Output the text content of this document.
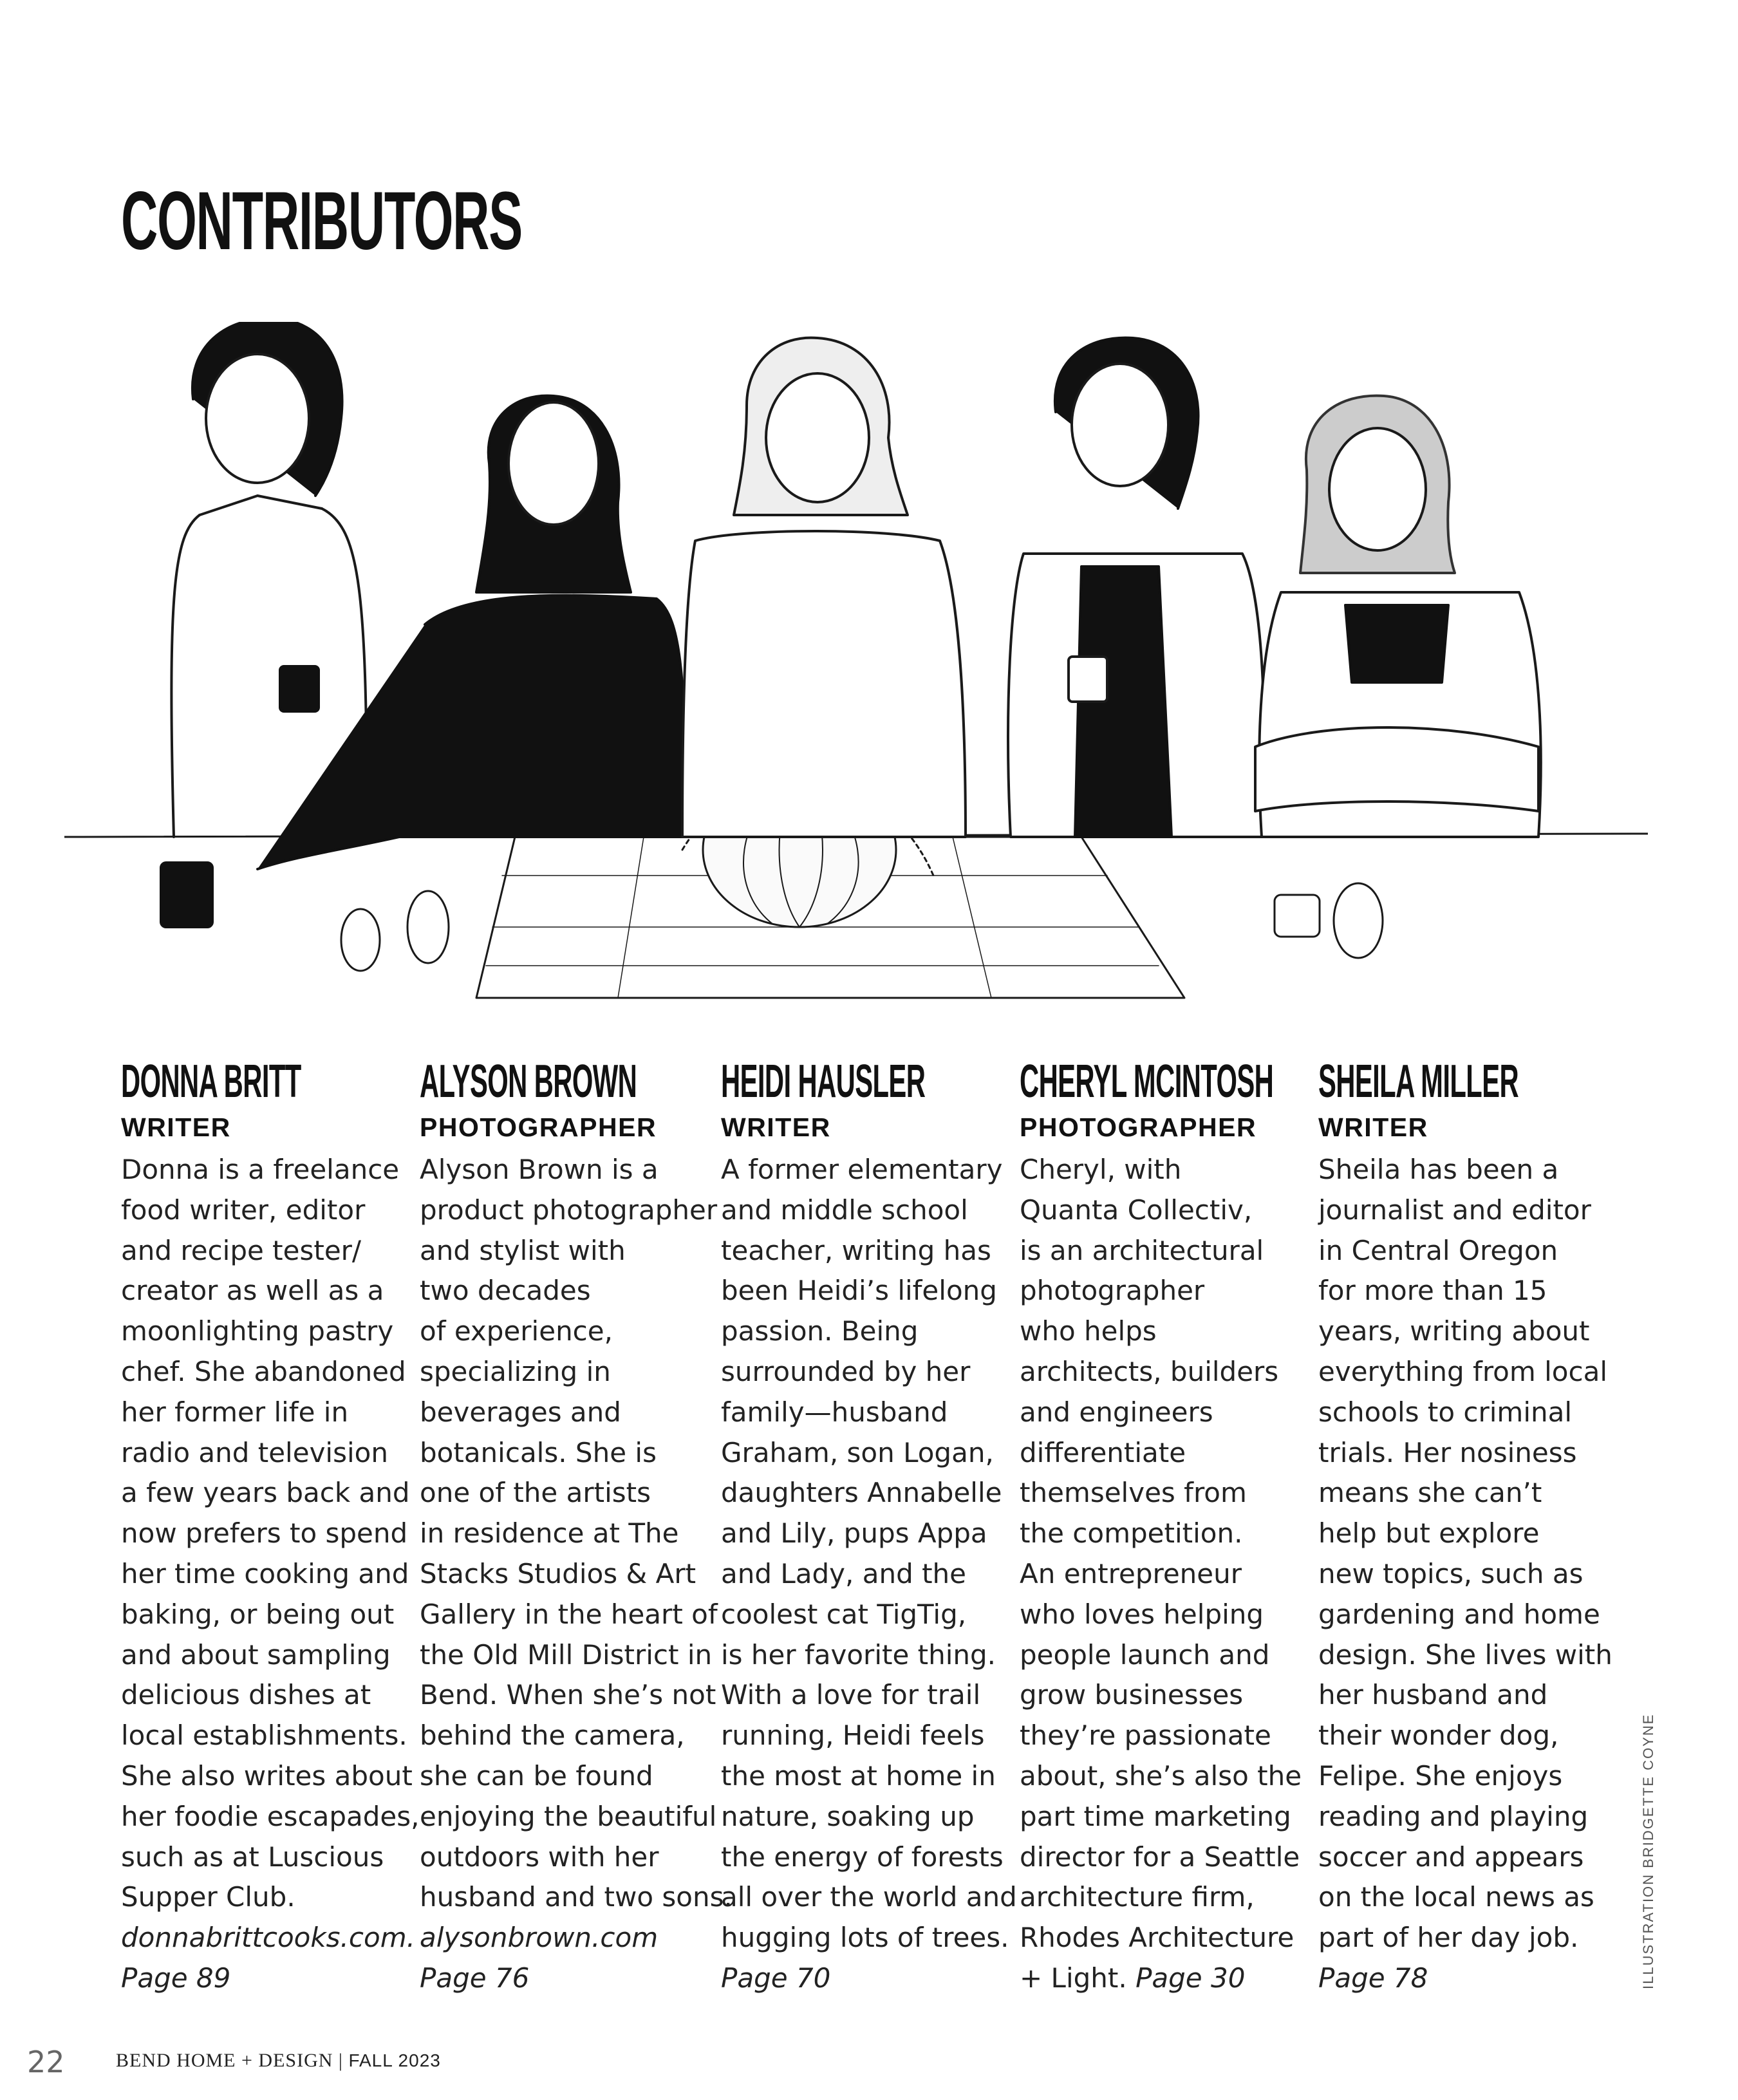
CONTRIBUTORS
DONNA BRITT
WRITER
Donna is a freelance
food writer, editor
and recipe tester/
creator as well as a
moonlighting pastry
chef. She abandoned
her former life in
radio and television
a few years back and
now prefers to spend
her time cooking and
baking, or being out
and about sampling
delicious dishes at
local establishments.
She also writes about
her foodie escapades,
such as at Luscious
Supper Club.
donnabrittcooks.com.
Page 89
ALYSON BROWN
PHOTOGRAPHER
Alyson Brown is a
product photographer
and stylist with
two decades
of experience,
specializing in
beverages and
botanicals. She is
one of the artists
in residence at The
Stacks Studios & Art
Gallery in the heart of
the Old Mill District in
Bend. When she’s not
behind the camera,
she can be found
enjoying the beautiful
outdoors with her
husband and two sons.
alysonbrown.com
Page 76
HEIDI HAUSLER
WRITER
A former elementary
and middle school
teacher, writing has
been Heidi’s lifelong
passion. Being
surrounded by her
family—husband
Graham, son Logan,
daughters Annabelle
and Lily, pups Appa
and Lady, and the
coolest cat TigTig,
is her favorite thing.
With a love for trail
running, Heidi feels
the most at home in
nature, soaking up
the energy of forests
all over the world and
hugging lots of trees.
Page 70
CHERYL MCINTOSH
PHOTOGRAPHER
Cheryl, with
Quanta Collectiv,
is an architectural
photographer
who helps
architects, builders
and engineers
differentiate
themselves from
the competition.
An entrepreneur
who loves helping
people launch and
grow businesses
they’re passionate
about, she’s also the
part time marketing
director for a Seattle
architecture firm,
Rhodes Architecture
+ Light. Page 30
SHEILA MILLER
WRITER
Sheila has been a
journalist and editor
in Central Oregon
for more than 15
years, writing about
everything from local
schools to criminal
trials. Her nosiness
means she can’t
help but explore
new topics, such as
gardening and home
design. She lives with
her husband and
their wonder dog,
Felipe. She enjoys
reading and playing
soccer and appears
on the local news as
part of her day job.
Page 78
22	BEND HOME + DESIGN | FALL 2023
ILLUSTRATION BRIDGETTE COYNE
